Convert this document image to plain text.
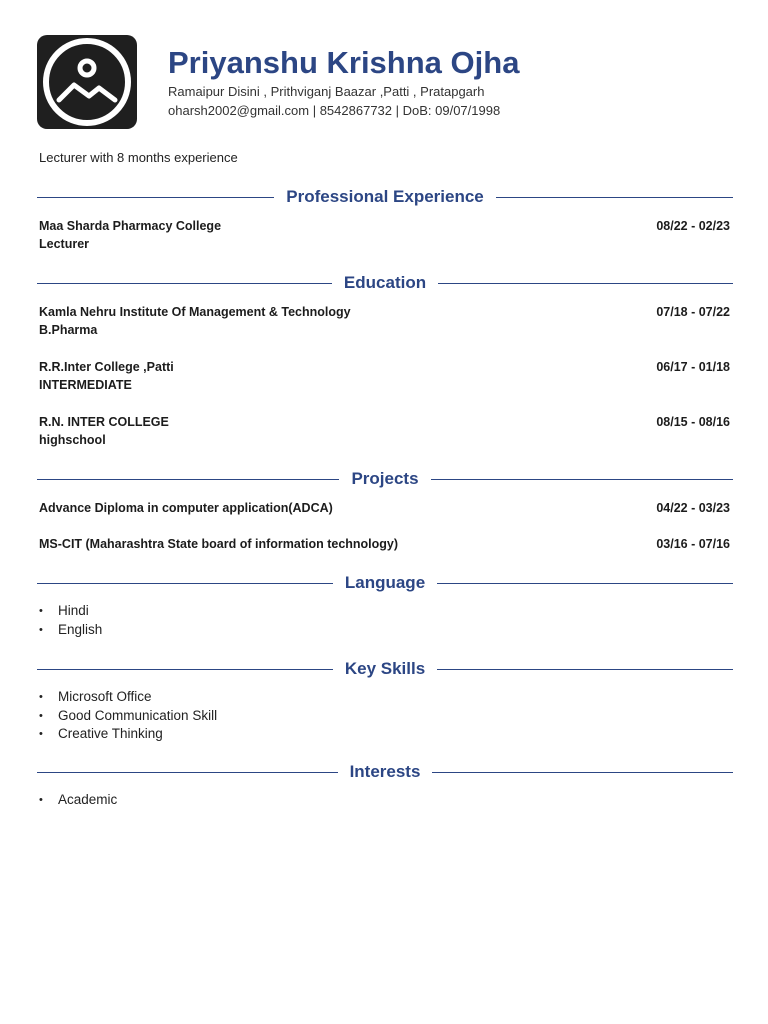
Priyanshu Krishna Ojha

Ramaipur Disini , Prithviganj Baazar ,Patti , Pratapgarh

oharsh2002@gmail.com | 8542867732 | DoB: 09/07/1998

Lecturer with 8 months experience
Professional Experience
Maa Sharda Pharmacy College	08/22 - 02/23
Lecturer
Education
Kamla Nehru Institute Of Management & Technology	07/18 - 07/22
B.Pharma
R.R.Inter College ,Patti	06/17 - 01/18
INTERMEDIATE
R.N. INTER COLLEGE	08/15 - 08/16
highschool
Projects
Advance Diploma in computer application(ADCA)	04/22 - 03/23
MS-CIT (Maharashtra State board of information technology)	03/16 - 07/16
Language
• Hindi
• English
Key Skills
• Microsoft Office
• Good Communication Skill
• Creative Thinking
Interests
• Academic
